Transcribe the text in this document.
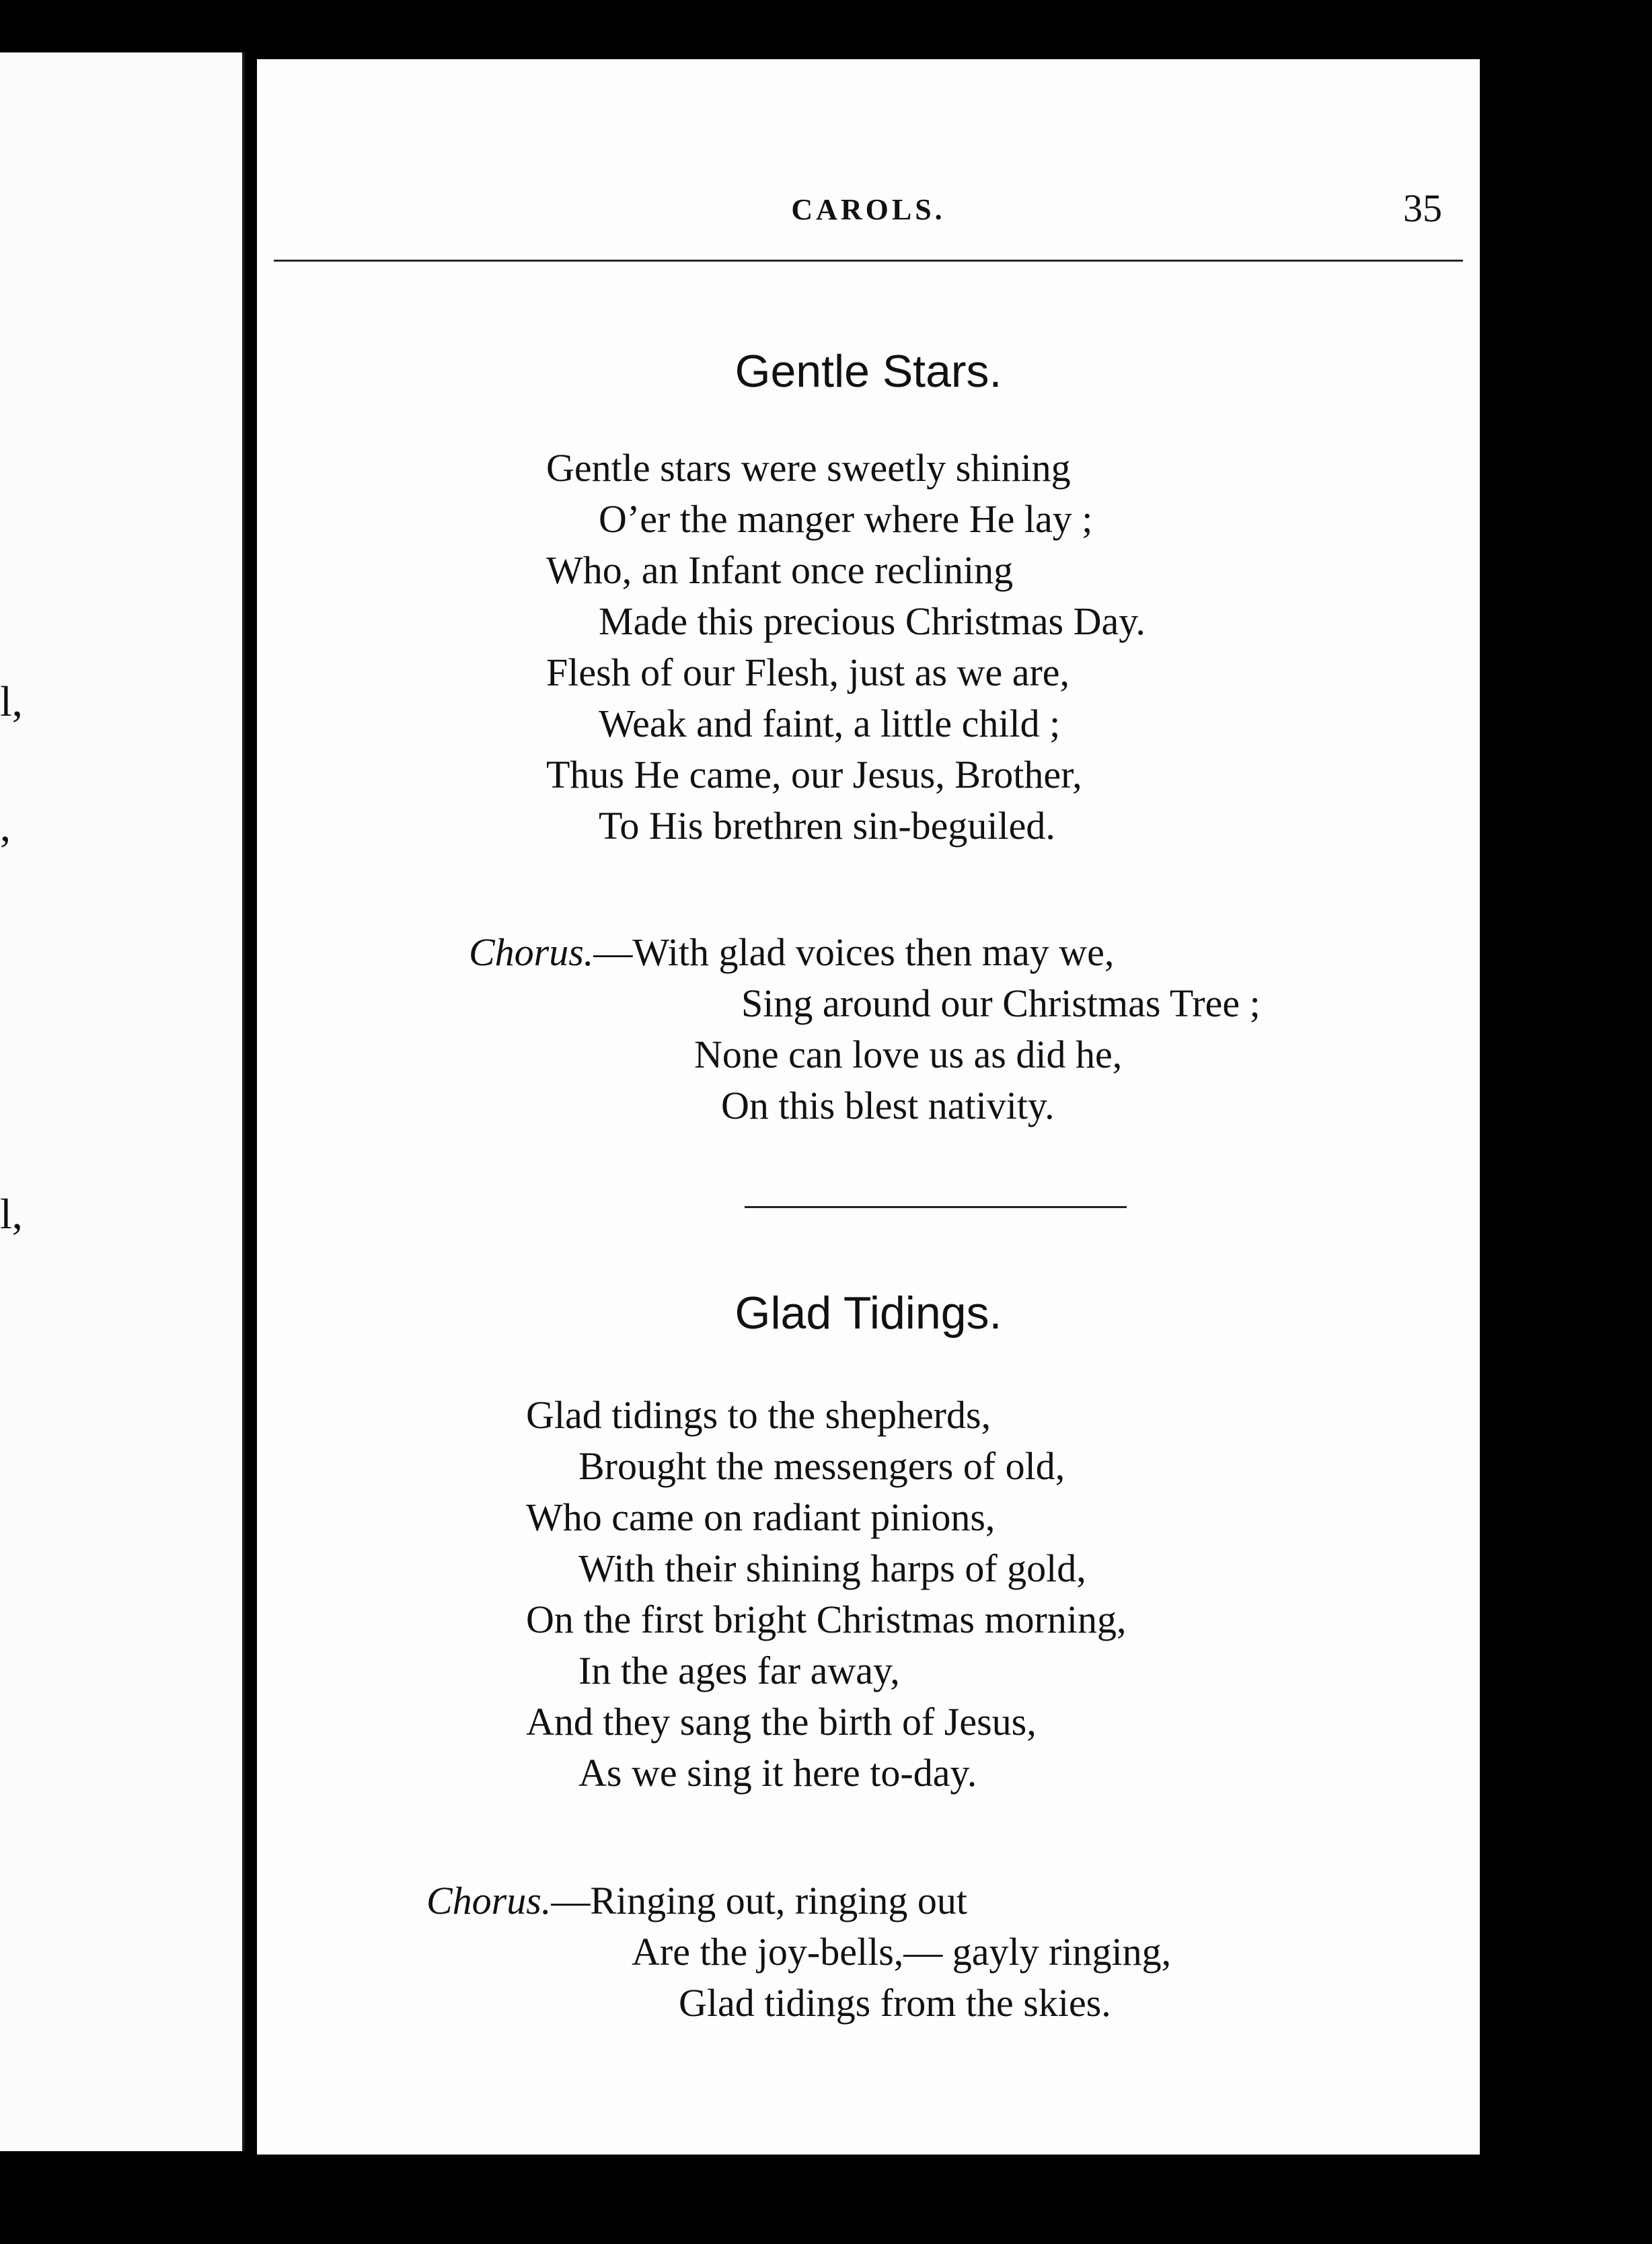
l,
,
l,
CAROLS.	35
Gentle Stars.
Gentle stars were sweetly shining
O’er the manger where He lay ;
Who, an Infant once reclining
Made this precious Christmas Day.
Flesh of our Flesh, just as we are,
Weak and faint, a little child ;
Thus He came, our Jesus, Brother,
To His brethren sin-beguiled.
Chorus.—With glad voices then may we,
Sing around our Christmas Tree ;
None can love us as did he,
On this blest nativity.
Glad Tidings.
Glad tidings to the shepherds,
Brought the messengers of old,
Who came on radiant pinions,
With their shining harps of gold,
On the first bright Christmas morning,
In the ages far away,
And they sang the birth of Jesus,
As we sing it here to-day.
Chorus.—Ringing out, ringing out
Are the joy-bells,— gayly ringing,
Glad tidings from the skies.
